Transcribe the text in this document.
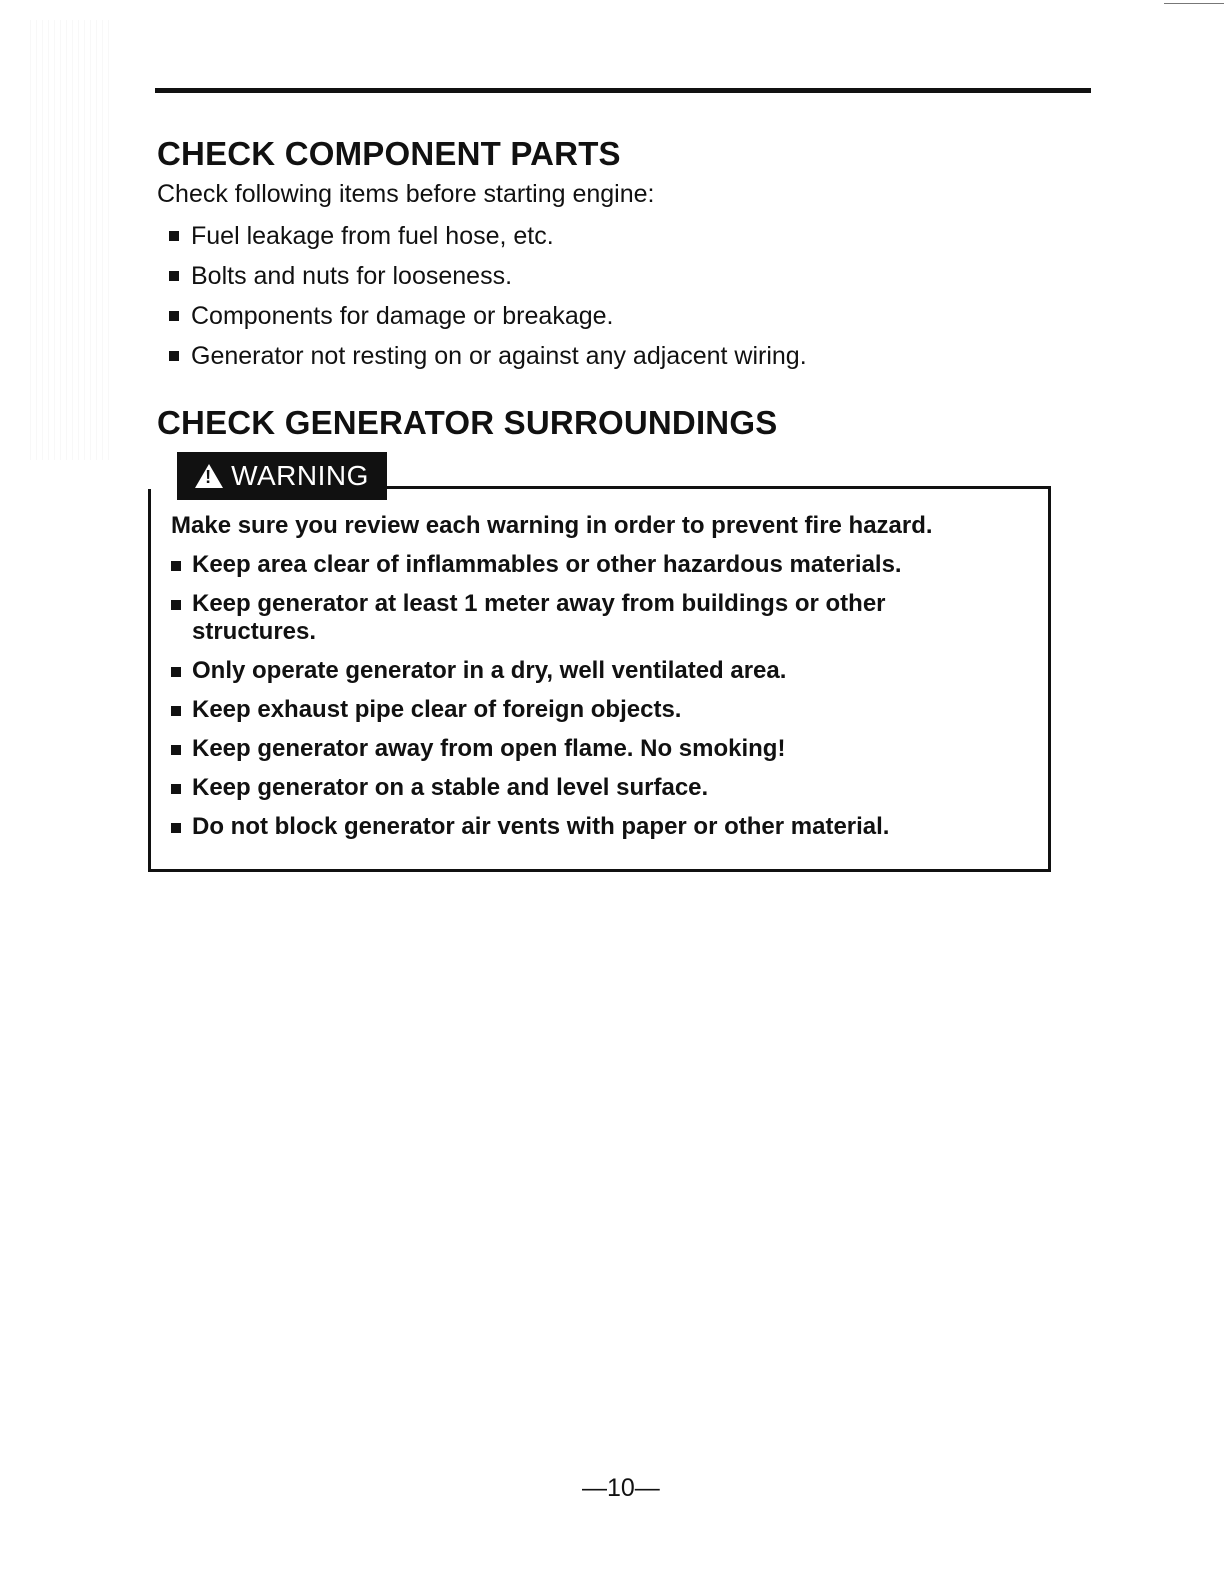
CHECK COMPONENT PARTS

Check following items before starting engine:

Fuel leakage from fuel hose, etc.
Bolts and nuts for looseness.
Components for damage or breakage.
Generator not resting on or against any adjacent wiring.
CHECK GENERATOR SURROUNDINGS
!
WARNING

Make sure you review each warning in order to prevent fire hazard.

Keep area clear of inflammables or other hazardous materials.
Keep generator at least 1 meter away from buildings or other structures.
Only operate generator in a dry, well ventilated area.
Keep exhaust pipe clear of foreign objects.
Keep generator away from open flame. No smoking!
Keep generator on a stable and level surface.
Do not block generator air vents with paper or other material.

—10—
